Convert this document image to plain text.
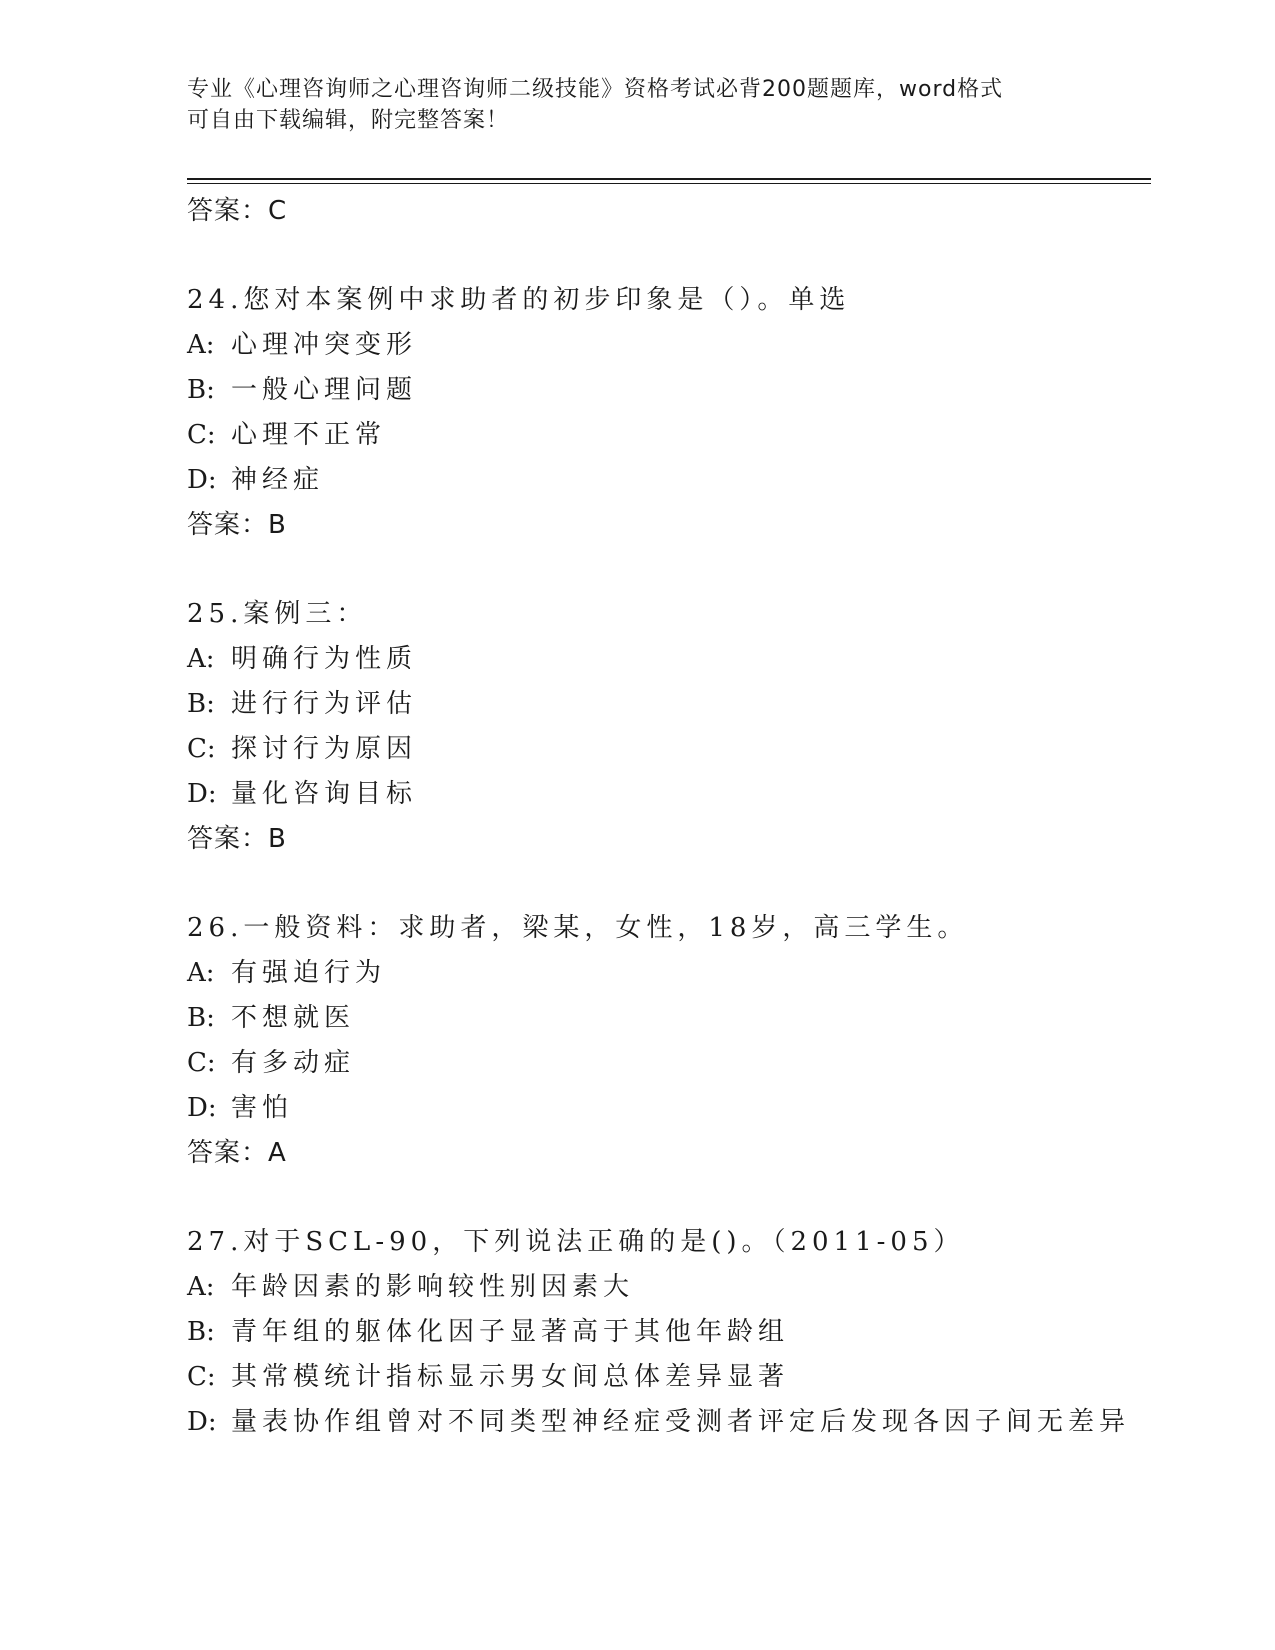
专业《心理咨询师之心理咨询师二级技能》资格考试必背200题题库，word格式
可自由下载编辑，附完整答案！
答案：C
24.您对本案例中求助者的初步印象是（）。单选
A: 心理冲突变形
B: 一般心理问题
C: 心理不正常
D: 神经症
答案：B
25.案例三：
A: 明确行为性质
B: 进行行为评估
C: 探讨行为原因
D: 量化咨询目标
答案：B
26.一般资料：求助者，梁某，女性，18岁，高三学生。
A: 有强迫行为
B: 不想就医
C: 有多动症
D: 害怕
答案：A
27.对于SCL-90，下列说法正确的是()。（2011-05）
A: 年龄因素的影响较性别因素大
B: 青年组的躯体化因子显著高于其他年龄组
C: 其常模统计指标显示男女间总体差异显著
D: 量表协作组曾对不同类型神经症受测者评定后发现各因子间无差异
